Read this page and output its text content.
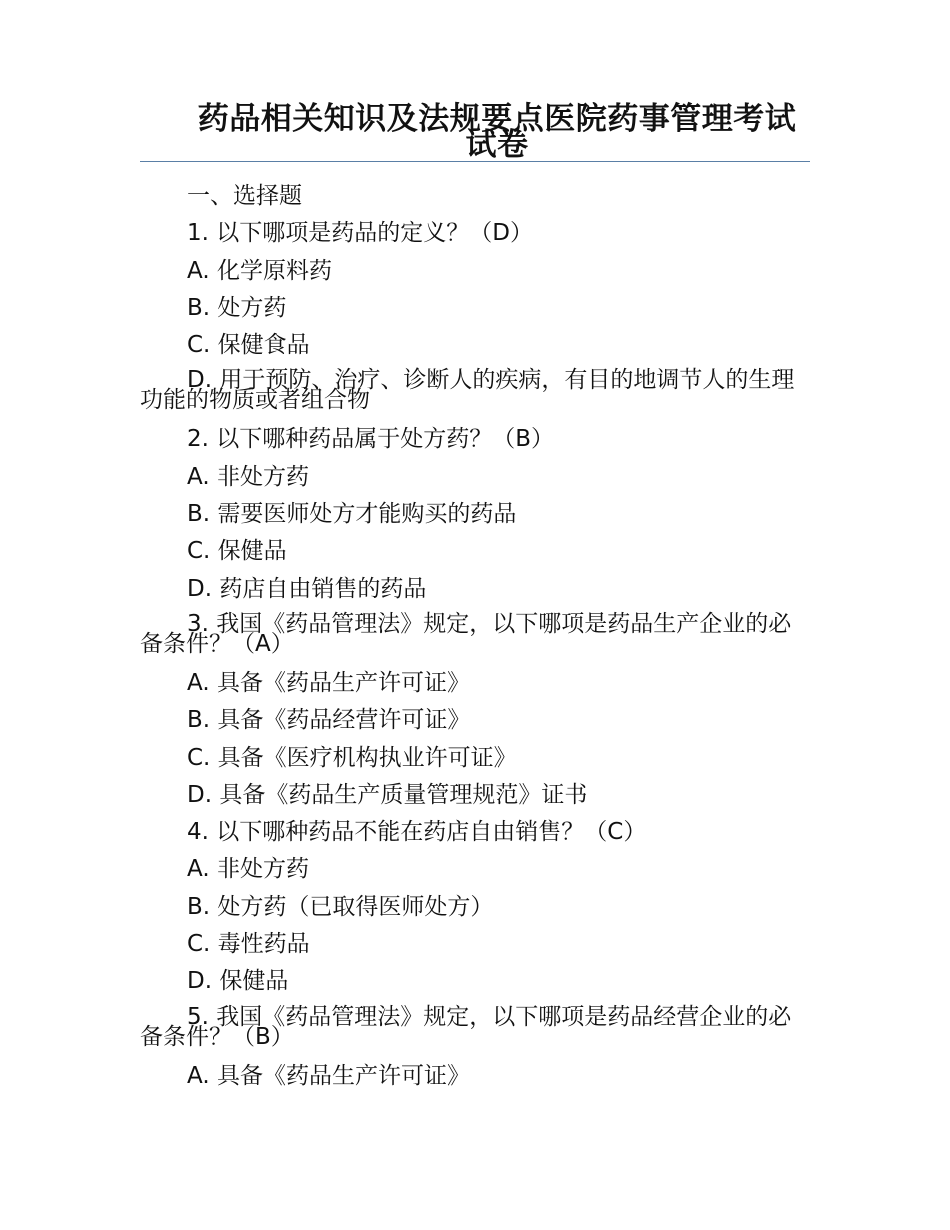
药品相关知识及法规要点医院药事管理考试试卷
一、选择题
1. 以下哪项是药品的定义？（D）
A. 化学原料药
B. 处方药
C. 保健食品
D. 用于预防、治疗、诊断人的疾病，有目的地调节人的生理功能的物质或者组合物
2. 以下哪种药品属于处方药？（B）
A. 非处方药
B. 需要医师处方才能购买的药品
C. 保健品
D. 药店自由销售的药品
3. 我国《药品管理法》规定，以下哪项是药品生产企业的必备条件？（A）
A. 具备《药品生产许可证》
B. 具备《药品经营许可证》
C. 具备《医疗机构执业许可证》
D. 具备《药品生产质量管理规范》证书
4. 以下哪种药品不能在药店自由销售？（C）
A. 非处方药
B. 处方药（已取得医师处方）
C. 毒性药品
D. 保健品
5. 我国《药品管理法》规定，以下哪项是药品经营企业的必备条件？（B）
A. 具备《药品生产许可证》
